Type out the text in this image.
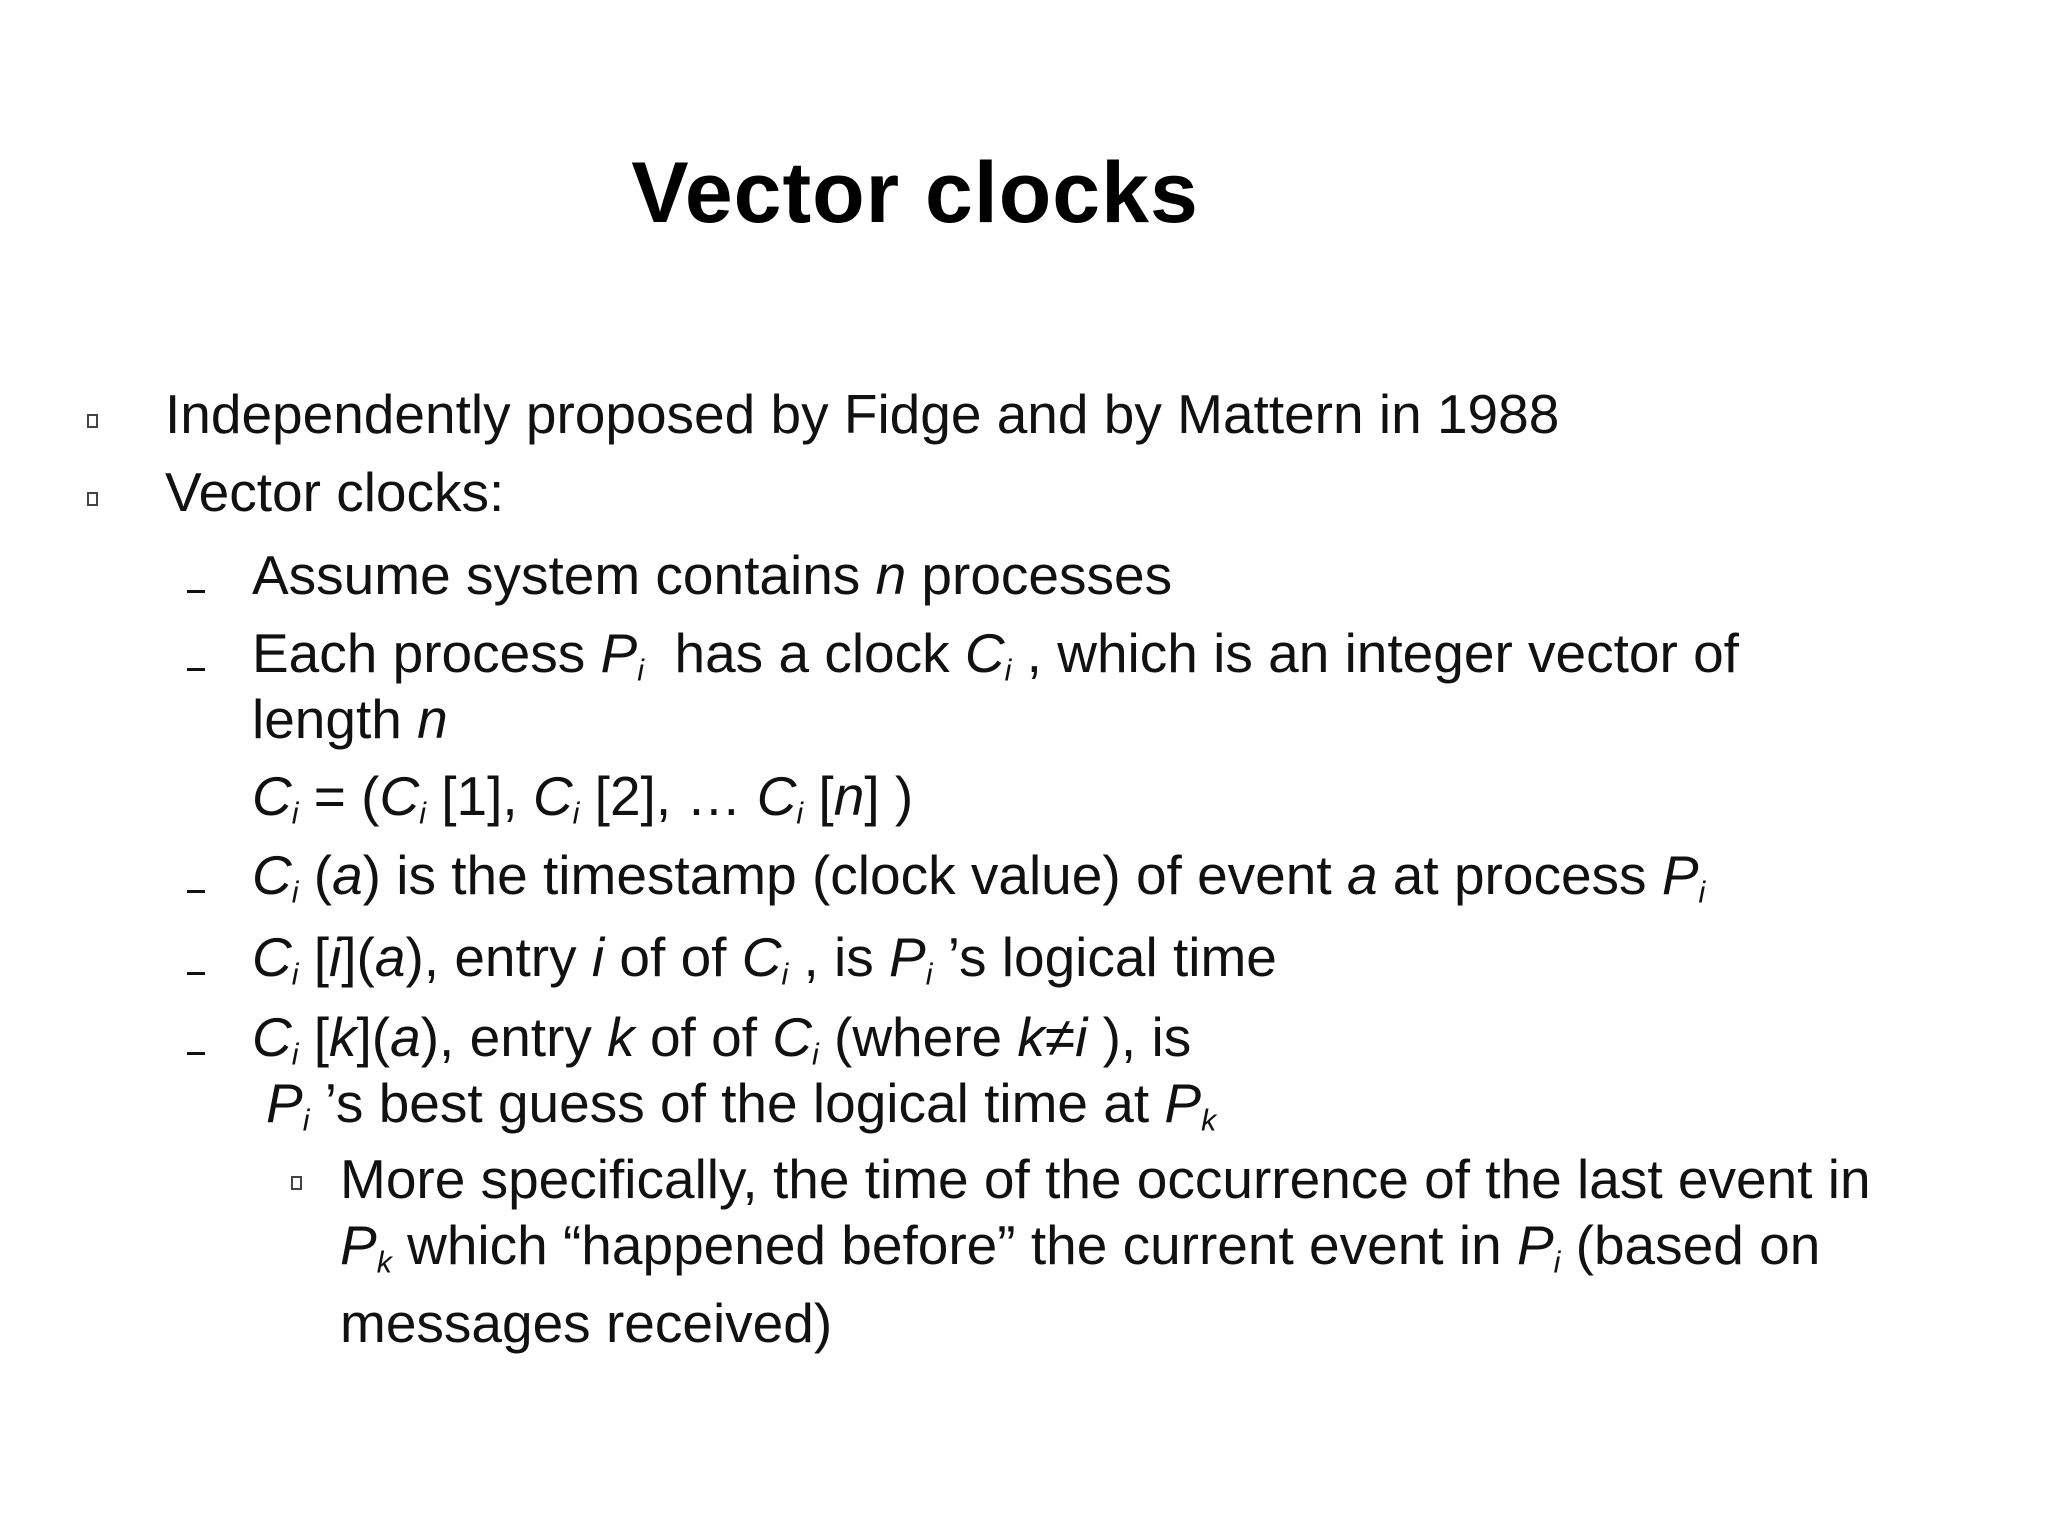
Vector clocks
Independently proposed by Fidge and by Mattern in 1988
Vector clocks:
Assume system contains n processes
Each process $P_i$  has a clock $C_i$ , which is an integer vector of
length n
$C_i = (C_i$ [1], $C_i$ [2], … $C_i$ [n] )
$C_i$ (a) is the timestamp (clock value) of event a at process $P_i$
$C_i$ [i](a), entry i of of $C_i$ , is $P_i$ ’s logical time
$C_i$ [k](a), entry k of of $C_i$ (where k≠i ), is
$P_i$ ’s best guess of the logical time at $P_k$
More specifically, the time of the occurrence of the last event in
$P_k$ which “happened before” the current event in $P_i$ (based on
messages received)
